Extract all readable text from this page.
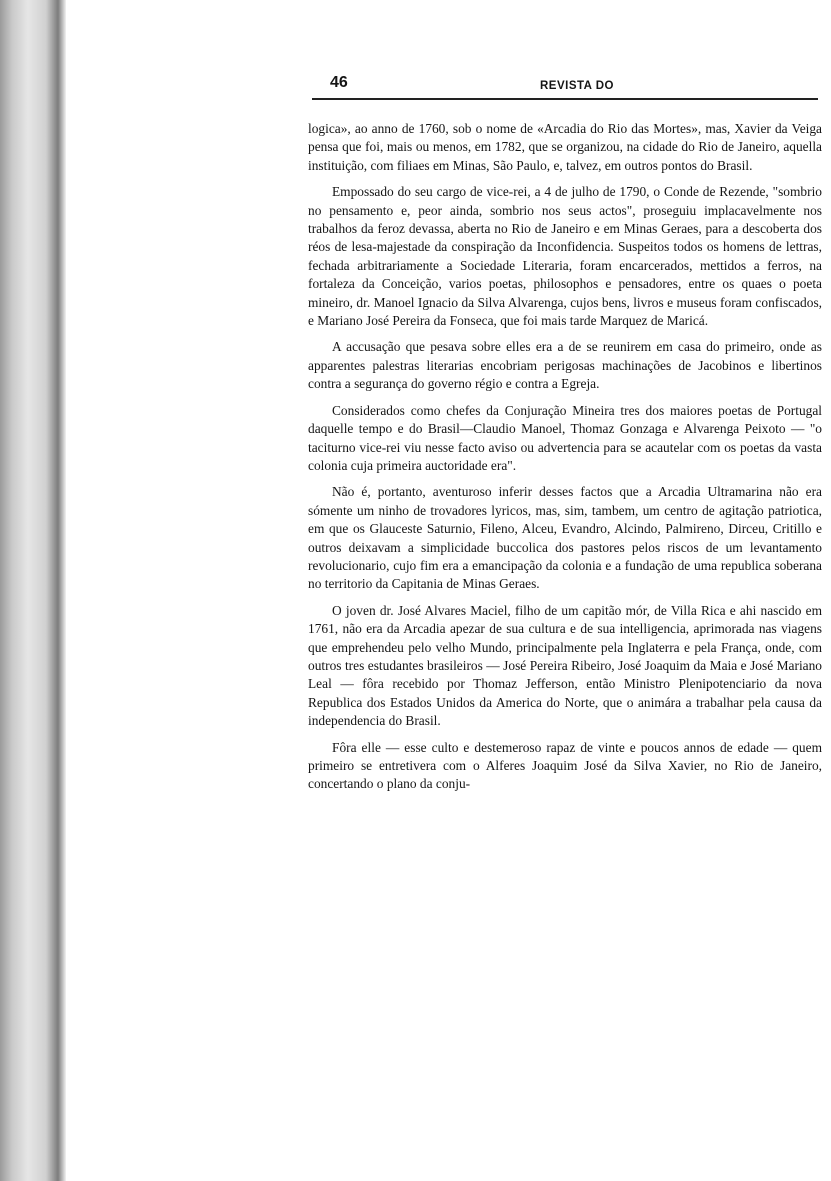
46	REVISTA DO

logica», ao anno de 1760, sob o nome de «Arcadia do Rio das Mortes», mas, Xavier da Veiga pensa que foi, mais ou menos, em 1782, que se organizou, na cidade do Rio de Janeiro, aquella instituição, com filiaes em Minas, São Paulo, e, talvez, em outros pontos do Brasil.

Empossado do seu cargo de vice-rei, a 4 de julho de 1790, o Conde de Rezende, "sombrio no pensamento e, peor ainda, sombrio nos seus actos", proseguiu implacavelmente nos trabalhos da feroz devassa, aberta no Rio de Janeiro e em Minas Geraes, para a descoberta dos réos de lesa-majestade da conspiração da Inconfidencia. Suspeitos todos os homens de lettras, fechada arbitrariamente a Sociedade Literaria, foram encarcerados, mettidos a ferros, na fortaleza da Conceição, varios poetas, philosophos e pensadores, entre os quaes o poeta mineiro, dr. Manoel Ignacio da Silva Alvarenga, cujos bens, livros e museus foram confiscados, e Mariano José Pereira da Fonseca, que foi mais tarde Marquez de Maricá.

A accusação que pesava sobre elles era a de se reunirem em casa do primeiro, onde as apparentes palestras literarias encobriam perigosas machinações de Jacobinos e libertinos contra a segurança do governo régio e contra a Egreja.

Considerados como chefes da Conjuração Mineira tres dos maiores poetas de Portugal daquelle tempo e do Brasil—Claudio Manoel, Thomaz Gonzaga e Alvarenga Peixoto — "o taciturno vice-rei viu nesse facto aviso ou advertencia para se acautelar com os poetas da vasta colonia cuja primeira auctoridade era".

Não é, portanto, aventuroso inferir desses factos que a Arcadia Ultramarina não era sómente um ninho de trovadores lyricos, mas, sim, tambem, um centro de agitação patriotica, em que os Glauceste Saturnio, Fileno, Alceu, Evandro, Alcindo, Palmireno, Dirceu, Critillo e outros deixavam a simplicidade buccolica dos pastores pelos riscos de um levantamento revolucionario, cujo fim era a emancipação da colonia e a fundação de uma republica soberana no territorio da Capitania de Minas Geraes.

O joven dr. José Alvares Maciel, filho de um capitão mór, de Villa Rica e ahi nascido em 1761, não era da Arcadia apezar de sua cultura e de sua intelligencia, aprimorada nas viagens que emprehendeu pelo velho Mundo, principalmente pela Inglaterra e pela França, onde, com outros tres estudantes brasileiros — José Pereira Ribeiro, José Joaquim da Maia e José Mariano Leal — fôra recebido por Thomaz Jefferson, então Ministro Plenipotenciario da nova Republica dos Estados Unidos da America do Norte, que o animára a trabalhar pela causa da independencia do Brasil.

Fôra elle — esse culto e destemeroso rapaz de vinte e poucos annos de edade — quem primeiro se entretivera com o Alferes Joaquim José da Silva Xavier, no Rio de Janeiro, concertando o plano da conju-
